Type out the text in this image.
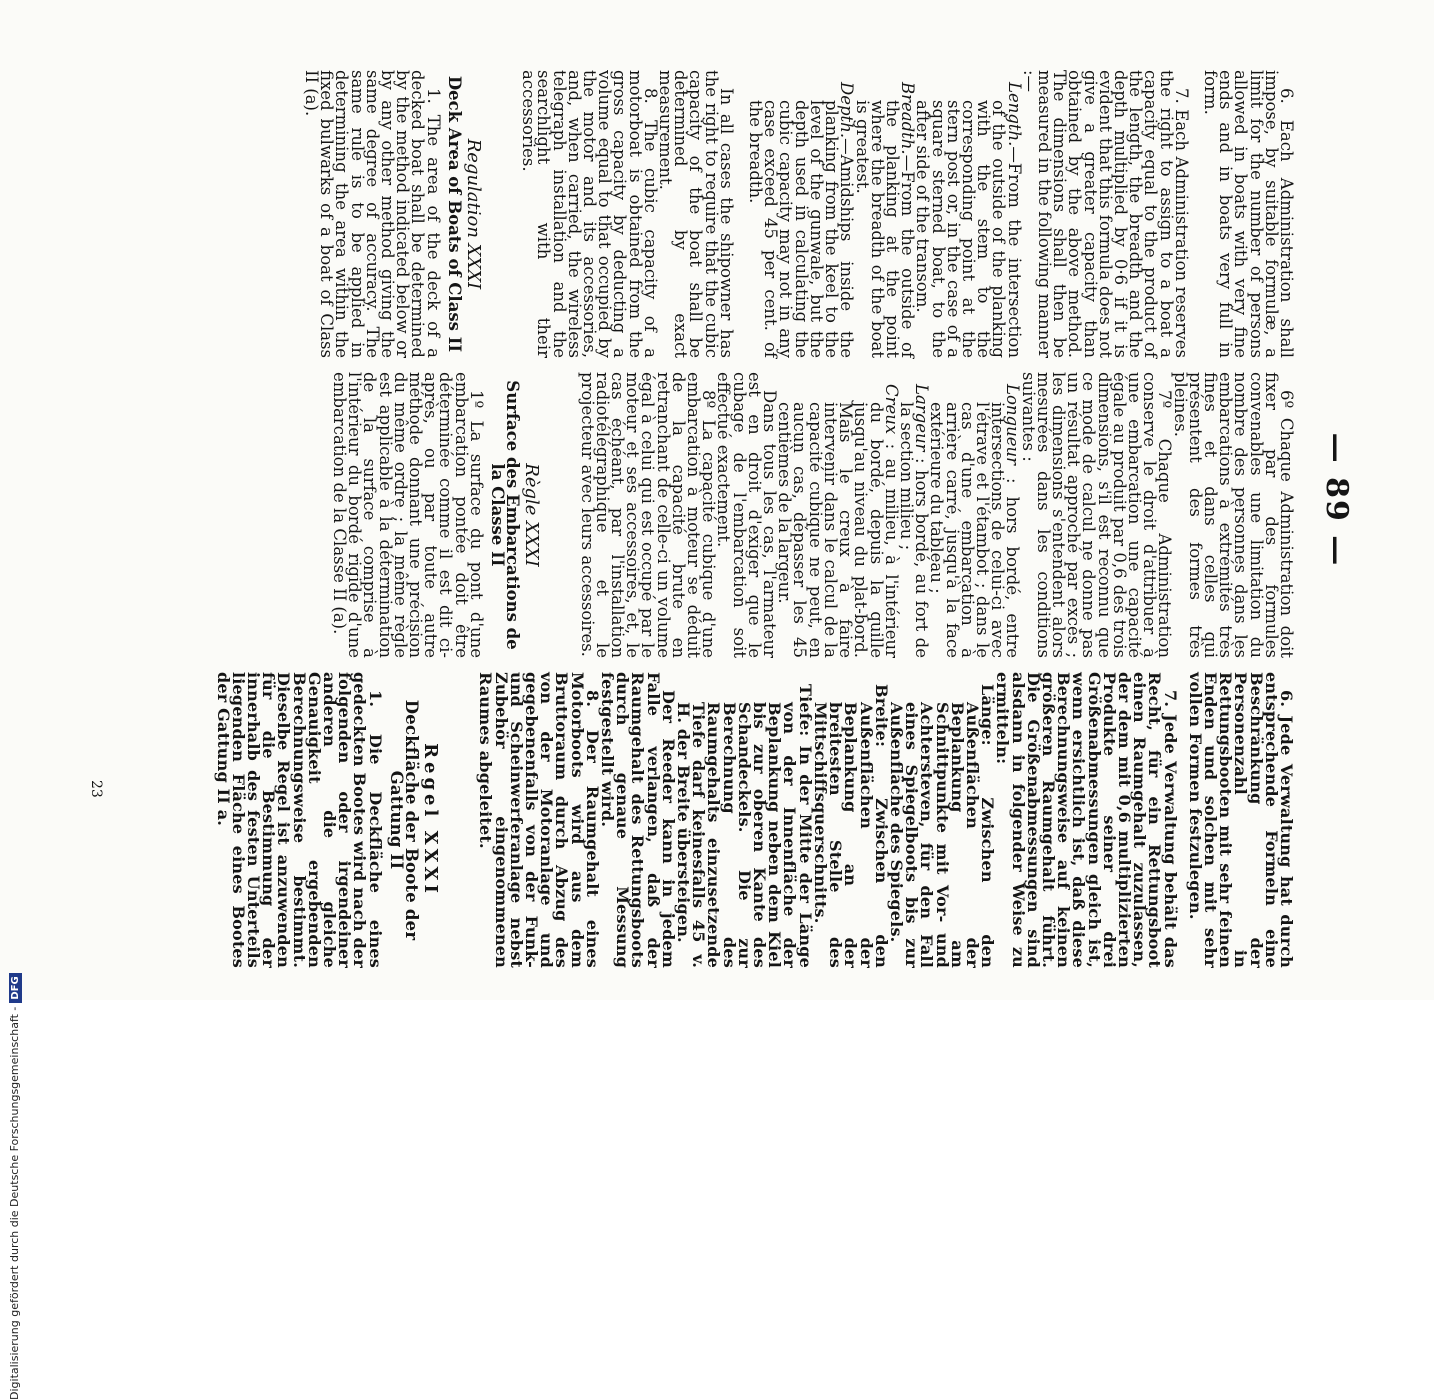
— 89 —

6. Each Administration shall impose, by suitable formulæ, a limit for the number of persons allowed in boats with very fine ends and in boats very full in form.

7. Each Administration reserves the right to assign to a boat a capacity equal to the product of the length, the breadth and the depth multiplied by 0·6 if it is evident that this formula does not give a greater capacity than obtained by the above method. The dimensions shall then be measured in the following manner :—

Length.—From the intersection of the outside of the planking with the stem to the corresponding point at the stern post or, in the case of a square sterned boat, to the after side of the transom.

Breadth.—From the outside of the planking at the point where the breadth of the boat is greatest.

Depth.—Amidships inside the planking from the keel to the level of the gunwale, but the depth used in calculating the cubic capacity may not in any case exceed 45 per cent. of the breadth.

In all cases the shipowner has the right to require that the cubic capacity of the boat shall be determined by exact measurement.

8. The cubic capacity of a motorboat is obtained from the gross capacity by deducting a volume equal to that occupied by the motor and its accessories, and, when carried, the wireless telegraph installation and the searchlight with their accessories.

Regulation XXXI

Deck Area of Boats of Class II

1. The area of the deck of a decked boat shall be determined by the method indicated below or by any other method giving the same degree of accuracy. The same rule is to be applied in determining the area within the fixed bulwarks of a boat of Class II (a).

6º Chaque Administration doit fixer par des formules convenables une limitation du nombre des personnes dans les embarcations à extrémités très fines et dans celles qui présentent des formes très pleines.

7º Chaque Administration conserve le droit d'attribuer à une embarcation une capacité égale au produit par 0,6 des trois dimensions, s'il est reconnu que ce mode de calcul ne donne pas un résultat approché par excès ; les dimensions s'entendent alors mesurées dans les conditions suivantes :

Longueur : hors bordé, entre intersections de celui-ci avec l'étrave et l'étambot ; dans le cas d'une embarcation à arrière carré, jusqu'à la face extérieure du tableau ;

Largeur : hors bordé, au fort de la section milieu ;

Creux : au milieu, à l'intérieur du bordé, depuis la quille jusqu'au niveau du plat-bord. Mais le creux à faire intervenir dans le calcul de la capacité cubique ne peut, en aucun cas, dépasser les 45 centièmes de la largeur.

Dans tous les cas, l'armateur est en droit d'exiger que le cubage de l'embarcation soit effectué exactement.

8º La capacité cubique d'une embarcation à moteur se déduit de la capacité brute en retranchant de celle-ci un volume égal à celui qui est occupé par le moteur et ses accessoires, et, le cas échéant, par l'installation radiotélégraphique et le projecteur avec leurs accessoires.

Règle XXXI

Surface des Embarcations de la Classe II

1º La surface du pont d'une embarcation pontée doit être déterminée comme il est dit ci-après, ou par toute autre méthode donnant une précision du même ordre ; la même règle est applicable à la détermination de la surface comprise à l'intérieur du bordé rigide d'une embarcation de la Classe II (a).

6. Jede Verwaltung hat durch entsprechende Formeln eine Beschränkung der Personenzahl in Rettungsbooten mit sehr feinen Enden und solchen mit sehr vollen Formen festzulegen.

7. Jede Verwaltung behält das Recht, für ein Rettungsboot einen Raumgehalt zuzulassen, der dem mit 0,6 multiplizierten Produkte seiner drei Größenabmessungen gleich ist, wenn ersichtlich ist, daß diese Berechnungsweise auf keinen größeren Raumgehalt führt. Die Größenabmessungen sind alsdann in folgender Weise zu ermitteln:

Länge: Zwischen den Außenflächen der Beplankung am Schnittpunkte mit Vor- und Achtersteven, für den Fall eines Spiegelboots bis zur Außenfläche des Spiegels.

Breite: Zwischen den Außenflächen der Beplankung an der breitesten Stelle des Mittschiffsquerschnitts.

Tiefe: In der Mitte der Länge von der Innenfläche der Beplankung neben dem Kiel bis zur oberen Kante des Schandeckels. Die zur Berechnung des Raumgehalts einzusetzende Tiefe darf keinesfalls 45 v. H. der Breite übersteigen.

Der Reeder kann in jedem Falle verlangen, daß der Raumgehalt des Rettungsboots durch genaue Messung festgestellt wird.

8. Der Raumgehalt eines Motorboots wird aus dem Bruttoraum durch Abzug des von der Motoranlage und gegebenenfalls von der Funk- und Scheinwerferanlage nebst Zubehör eingenommenen Raumes abgeleitet.

Regel XXXI

Deckfläche der Boote der Gattung II

1. Die Deckfläche eines gedeckten Bootes wird nach der folgenden oder irgendeiner anderen die gleiche Genauigkeit ergebenden Berechnungsweise bestimmt. Dieselbe Regel ist anzuwenden für die Bestimmung der innerhalb des festen Unterteils liegenden Fläche eines Bootes der Gattung II a.

23
Digitalisierung gefördert durch die Deutsche Forschungsgemeinschaft -DFG
